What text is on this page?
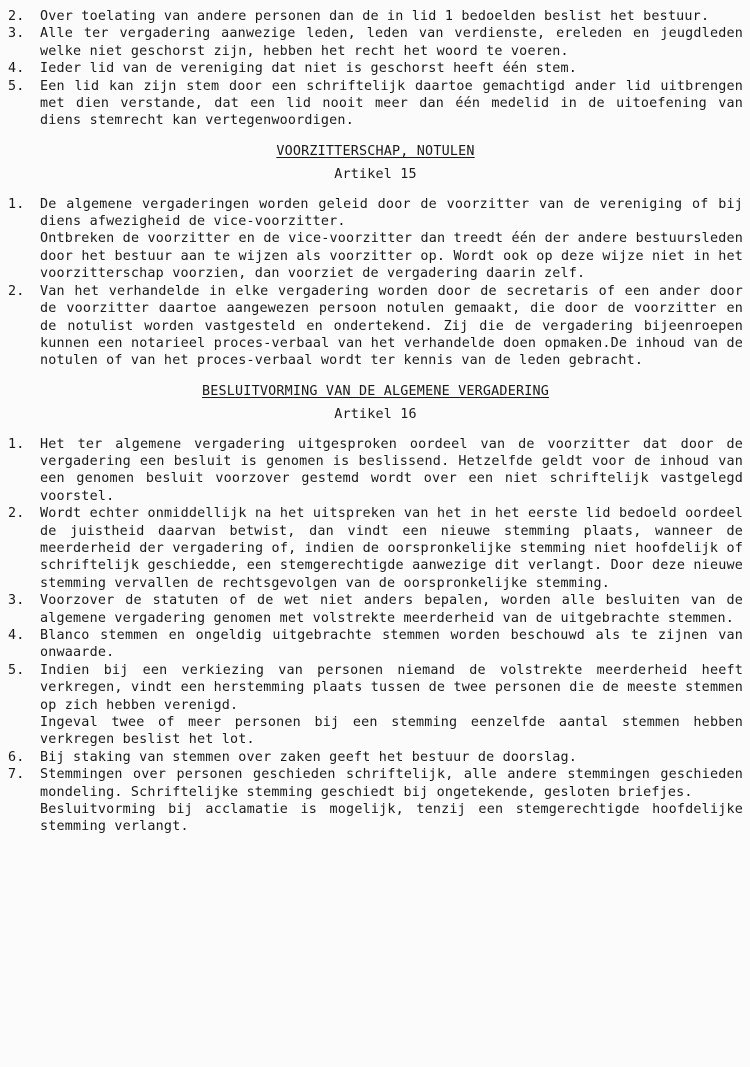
2.	Over toelating van andere personen dan de in lid 1 bedoelden beslist het bestuur.
3.	Alle ter vergadering aanwezige leden, leden van verdienste, ereleden en jeugdleden welke niet geschorst zijn, hebben het recht het woord te voeren.
4.	Ieder lid van de vereniging dat niet is geschorst heeft één stem.
5.	Een lid kan zijn stem door een schriftelijk daartoe gemachtigd ander lid uitbrengen met dien verstande, dat een lid nooit meer dan één medelid in de uitoefening van diens stemrecht kan vertegenwoordigen.
VOORZITTERSCHAP, NOTULEN
Artikel 15
1.	De algemene vergaderingen worden geleid door de voorzitter van de vereniging of bij diens afwezigheid de vice-voorzitter.
Ontbreken de voorzitter en de vice-voorzitter dan treedt één der andere bestuursleden door het bestuur aan te wijzen als voorzitter op. Wordt ook op deze wijze niet in het voorzitterschap voorzien, dan voorziet de vergadering daarin zelf.
2.	Van het verhandelde in elke vergadering worden door de secretaris of een ander door de voorzitter daartoe aangewezen persoon notulen gemaakt, die door de voorzitter en de notulist worden vastgesteld en ondertekend. Zij die de vergadering bijeenroepen kunnen een notarieel proces-verbaal van het verhandelde doen opmaken.De inhoud van de notulen of van het proces-verbaal wordt ter kennis van de leden gebracht.
BESLUITVORMING VAN DE ALGEMENE VERGADERING
Artikel 16
1.	Het ter algemene vergadering uitgesproken oordeel van de voorzitter dat door de vergadering een besluit is genomen is beslissend. Hetzelfde geldt voor de inhoud van een genomen besluit voorzover gestemd wordt over een niet schriftelijk vastgelegd voorstel.
2.	Wordt echter onmiddellijk na het uitspreken van het in het eerste lid bedoeld oordeel de juistheid daarvan betwist, dan vindt een nieuwe stemming plaats, wanneer de meerderheid der vergadering of, indien de oorspronkelijke stemming niet hoofdelijk of schriftelijk geschiedde, een stemgerechtigde aanwezige dit verlangt. Door deze nieuwe stemming vervallen de rechtsgevolgen van de oorspronkelijke stemming.
3.	Voorzover de statuten of de wet niet anders bepalen, worden alle besluiten van de algemene vergadering genomen met volstrekte meerderheid van de uitgebrachte stemmen.
4.	Blanco stemmen en ongeldig uitgebrachte stemmen worden beschouwd als te zijnen van onwaarde.
5.	Indien bij een verkiezing van personen niemand de volstrekte meerderheid heeft verkregen, vindt een herstemming plaats tussen de twee personen die de meeste stemmen op zich hebben verenigd.
Ingeval twee of meer personen bij een stemming eenzelfde aantal stemmen hebben verkregen beslist het lot.
6.	Bij staking van stemmen over zaken geeft het bestuur de doorslag.
7.	Stemmingen over personen geschieden schriftelijk, alle andere stemmingen geschieden mondeling. Schriftelijke stemming geschiedt bij ongetekende, gesloten briefjes.
Besluitvorming bij acclamatie is mogelijk, tenzij een stemgerechtigde hoofdelijke stemming verlangt.
